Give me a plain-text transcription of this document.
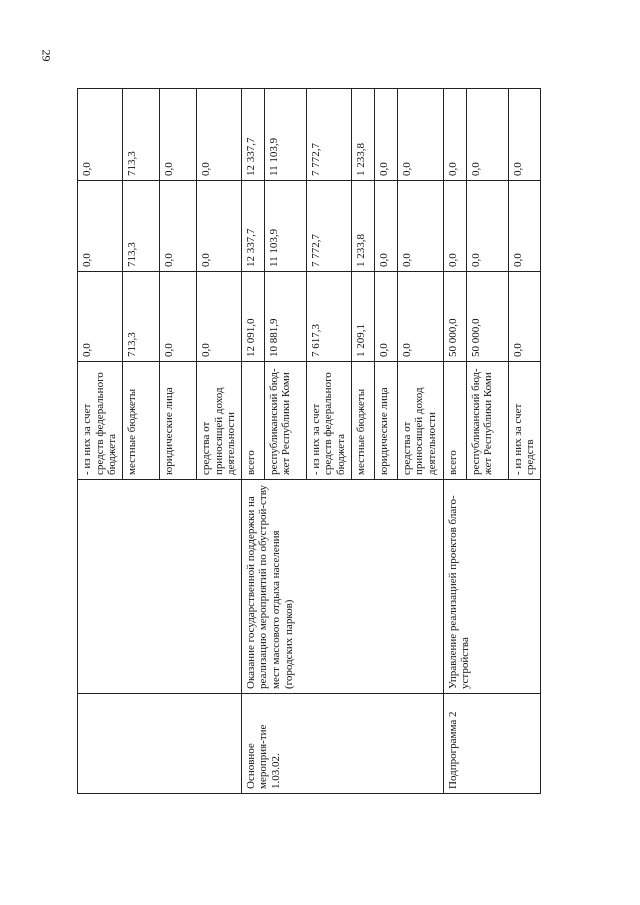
29
		- из них за счет средств федерального бюджета	0,0	0,0	0,0
		местные бюджеты	713,3	713,3	713,3
		юридические лица	0,0	0,0	0,0
		средства от приносящей доход деятельности	0,0	0,0	0,0
Основное мероприя-тие 1.03.02.	Оказание государственной поддержки на реализацию мероприятий по обустрой-ству мест массового отдыха населения (городских парков)	всего	12 091,0	12 337,7	12 337,7
		республиканский бюд-жет Республики Коми	10 881,9	11 103,9	11 103,9
		- из них за счет средств федерального бюджета	7 617,3	7 772,7	7 772,7
		местные бюджеты	1 209,1	1 233,8	1 233,8
		юридические лица	0,0	0,0	0,0
		средства от приносящей доход деятельности	0,0	0,0	0,0
Подпрограмма 2	Управление реализацией проектов благо-устройства	всего	50 000,0	0,0	0,0
		республиканский бюд-жет Республики Коми	50 000,0	0,0	0,0
		- из них за счет средств	0,0	0,0	0,0
